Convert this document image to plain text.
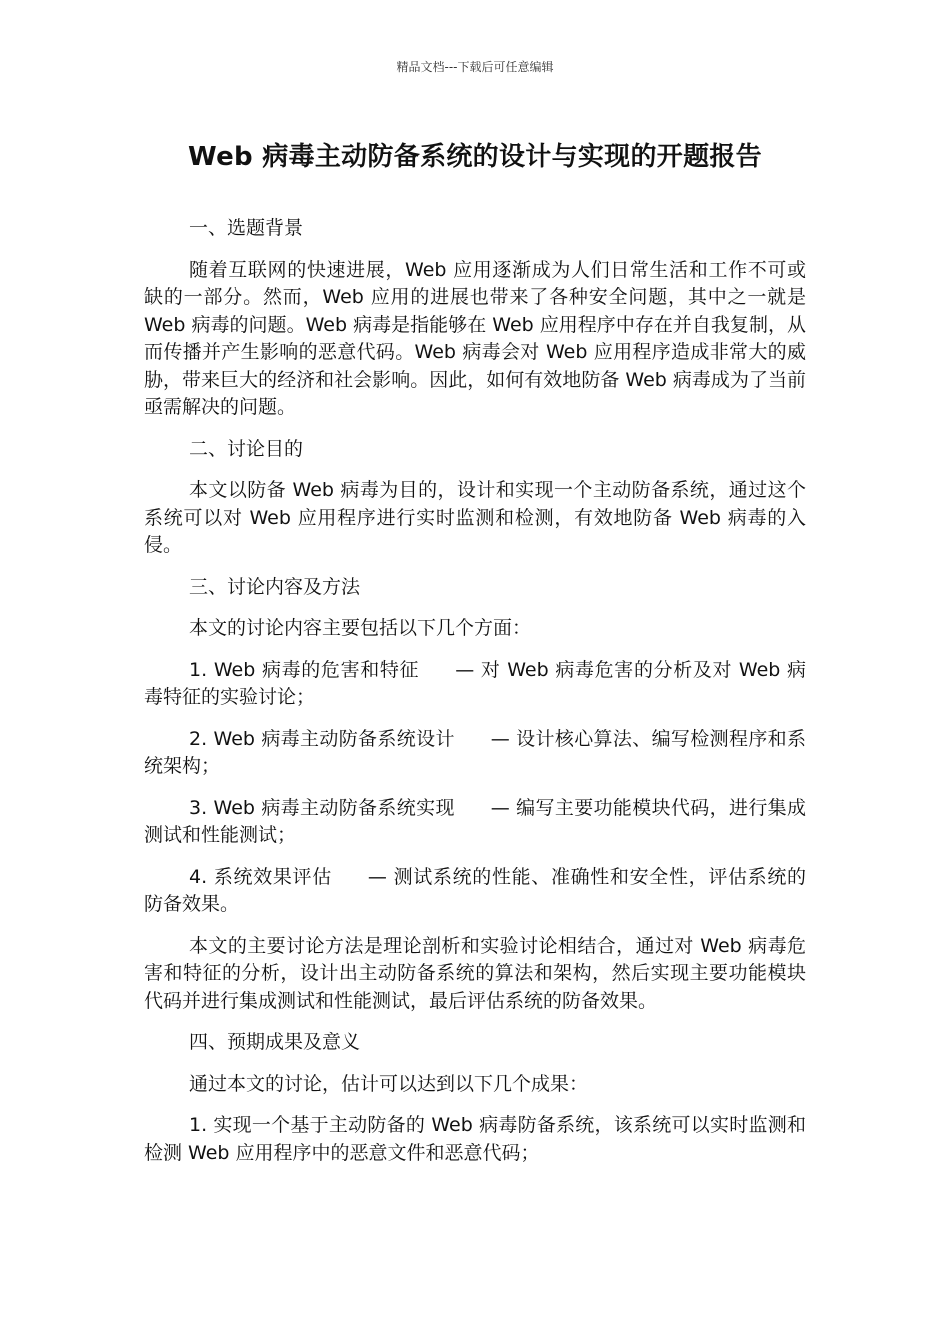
精品文档---下载后可任意编辑
Web 病毒主动防备系统的设计与实现的开题报告

一、选题背景

随着互联网的快速进展，Web 应用逐渐成为人们日常生活和工作不可或缺的一部分。然而，Web 应用的进展也带来了各种安全问题，其中之一就是 Web 病毒的问题。Web 病毒是指能够在 Web 应用程序中存在并自我复制，从而传播并产生影响的恶意代码。Web 病毒会对 Web 应用程序造成非常大的威胁，带来巨大的经济和社会影响。因此，如何有效地防备 Web 病毒成为了当前亟需解决的问题。

二、讨论目的

本文以防备 Web 病毒为目的，设计和实现一个主动防备系统，通过这个系统可以对 Web 应用程序进行实时监测和检测，有效地防备 Web 病毒的入侵。

三、讨论内容及方法

本文的讨论内容主要包括以下几个方面：

1. Web 病毒的危害和特征 — 对 Web 病毒危害的分析及对 Web 病毒特征的实验讨论；

2. Web 病毒主动防备系统设计 — 设计核心算法、编写检测程序和系统架构；

3. Web 病毒主动防备系统实现 — 编写主要功能模块代码，进行集成测试和性能测试；

4. 系统效果评估 — 测试系统的性能、准确性和安全性，评估系统的防备效果。

本文的主要讨论方法是理论剖析和实验讨论相结合，通过对 Web 病毒危害和特征的分析，设计出主动防备系统的算法和架构，然后实现主要功能模块代码并进行集成测试和性能测试，最后评估系统的防备效果。

四、预期成果及意义

通过本文的讨论，估计可以达到以下几个成果：

1. 实现一个基于主动防备的 Web 病毒防备系统，该系统可以实时监测和检测 Web 应用程序中的恶意文件和恶意代码；
